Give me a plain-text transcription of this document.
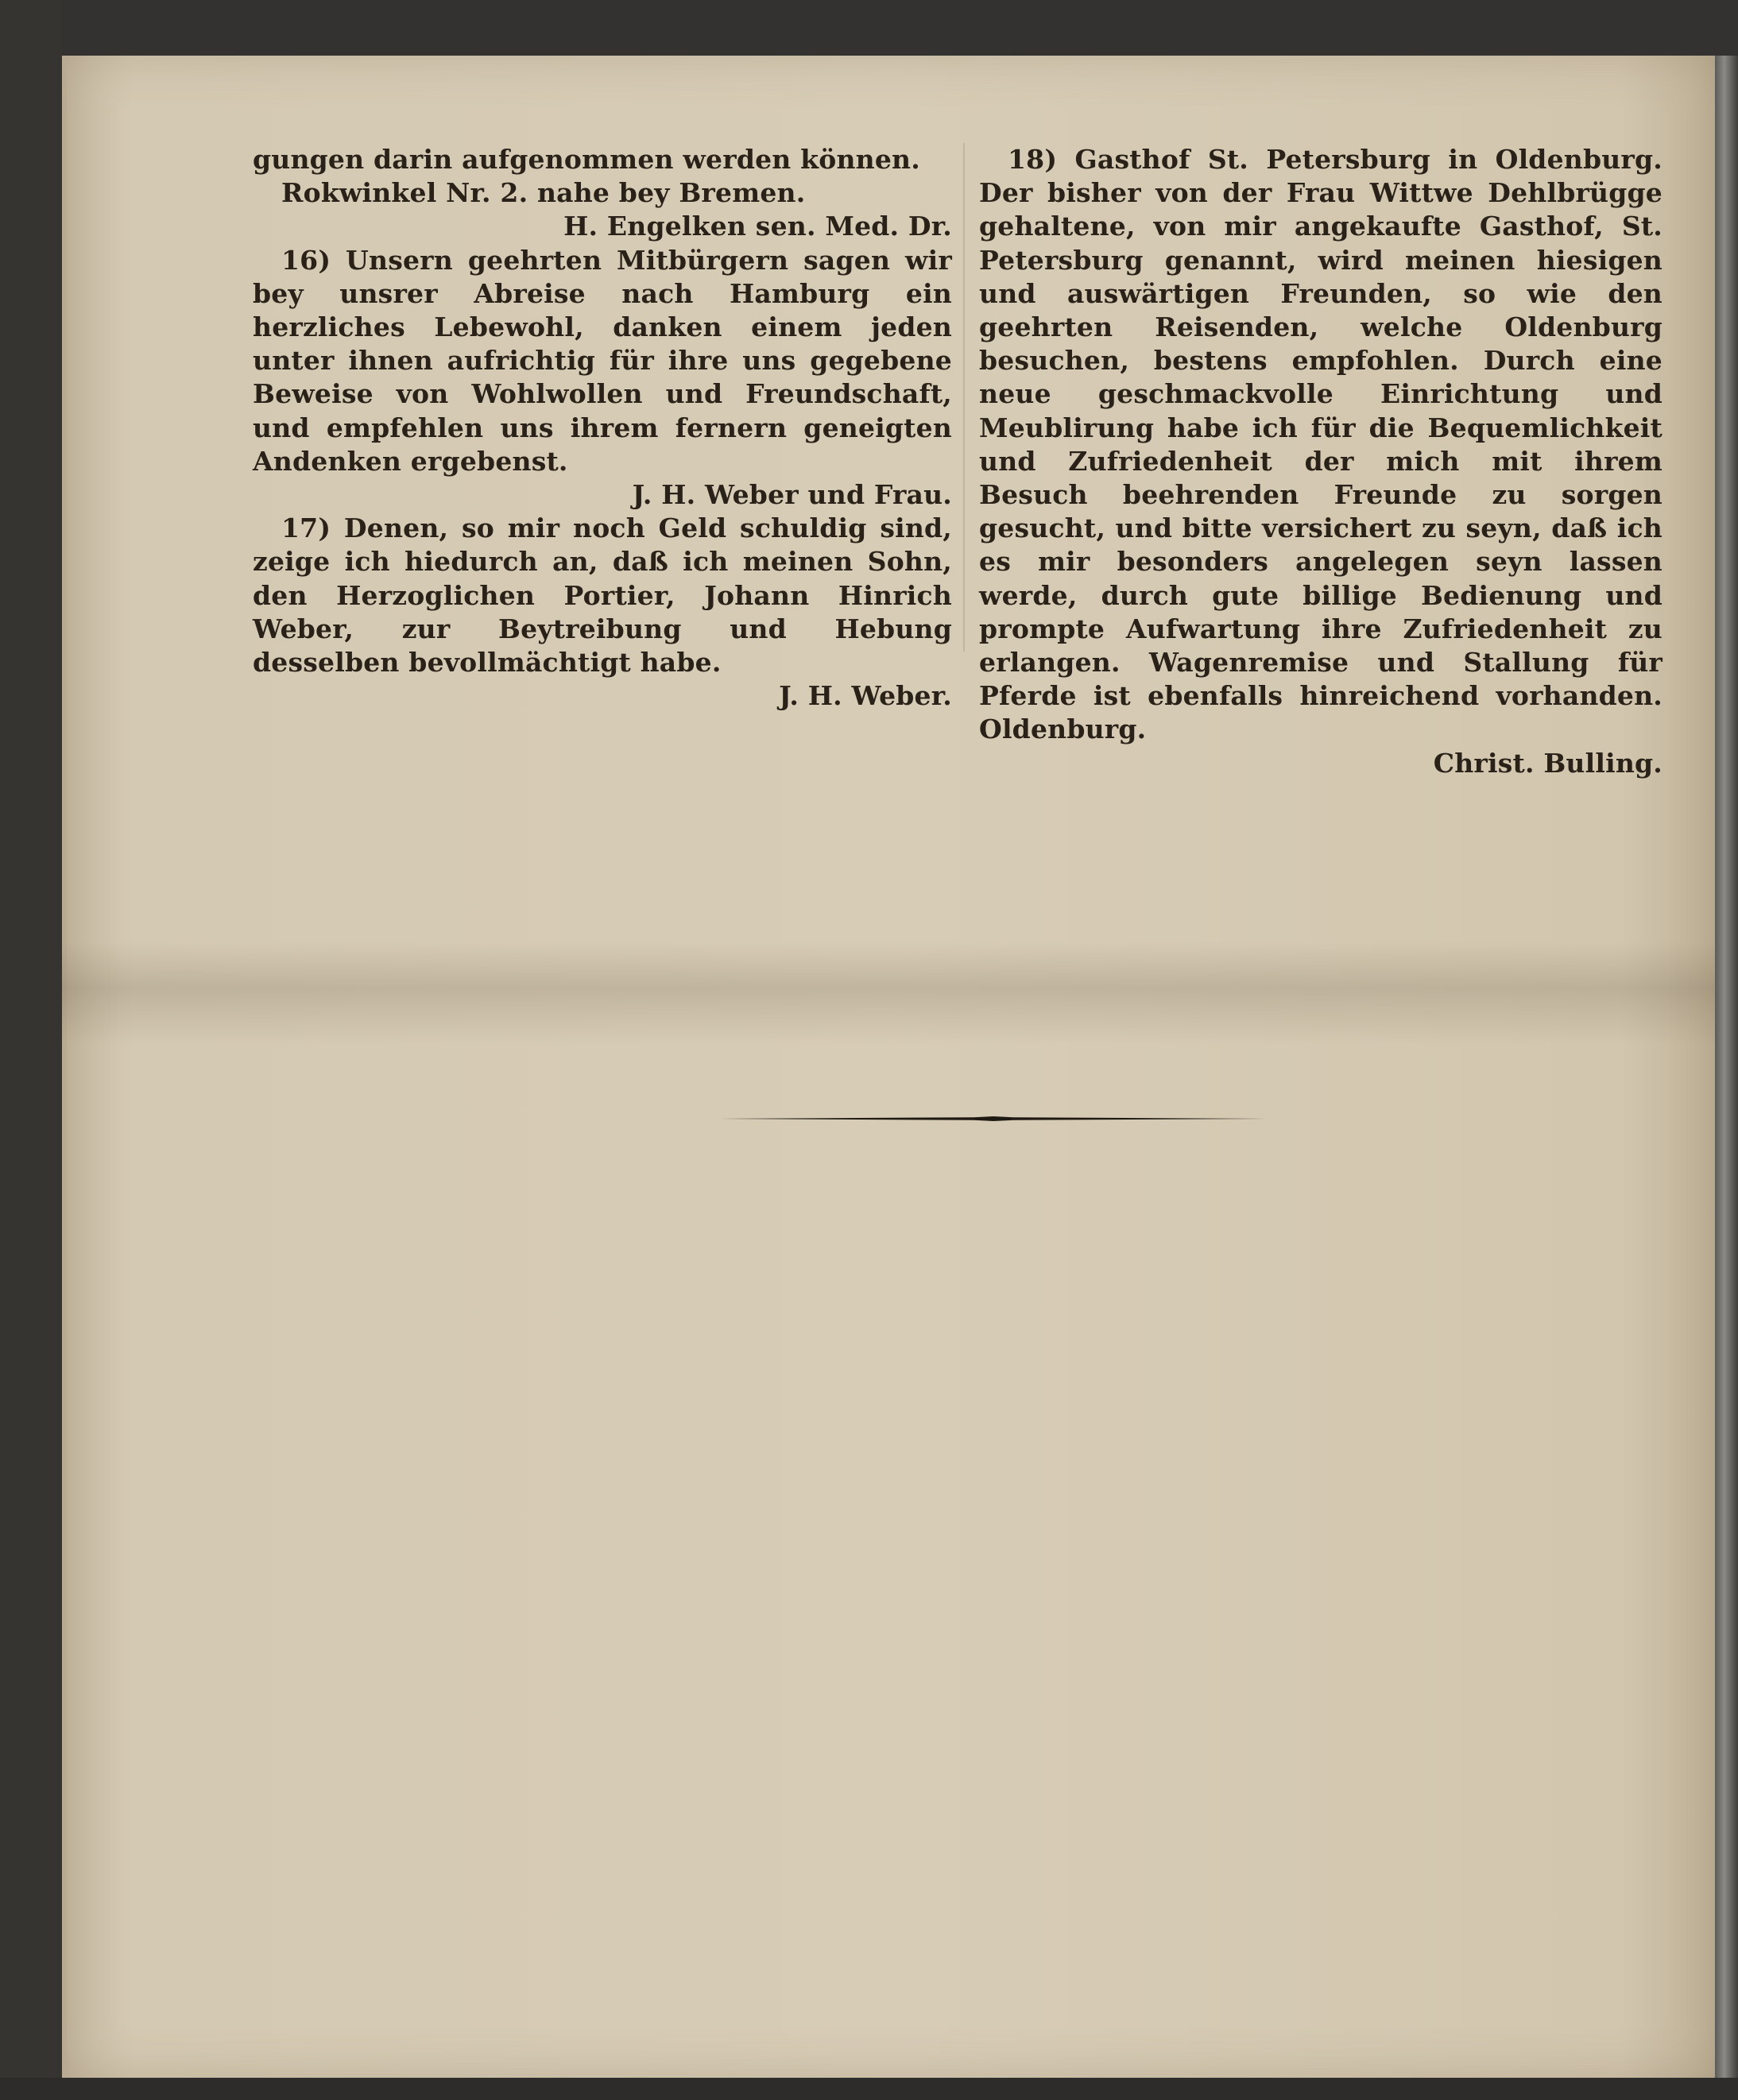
gungen darin aufgenommen werden können.

Rokwinkel Nr. 2. nahe bey Bremen.

H. Engelken sen. Med. Dr.

16) Unsern geehrten Mitbürgern sagen wir bey unsrer Abreise nach Hamburg ein herzliches Lebewohl, danken einem jeden unter ihnen aufrichtig für ihre uns gegebene Beweise von Wohlwollen und Freundschaft, und empfehlen uns ihrem fernern geneigten Andenken ergebenst.

J. H. Weber und Frau.

17) Denen, so mir noch Geld schuldig sind, zeige ich hiedurch an, daß ich meinen Sohn, den Herzoglichen Portier, Johann Hinrich Weber, zur Beytreibung und Hebung desselben bevollmächtigt habe.

J. H. Weber.

18) Gasthof St. Petersburg in Oldenburg. Der bisher von der Frau Wittwe Dehlbrügge gehaltene, von mir angekaufte Gasthof, St. Petersburg genannt, wird meinen hiesigen und auswärtigen Freunden, so wie den geehrten Reisenden, welche Oldenburg besuchen, bestens empfohlen. Durch eine neue geschmackvolle Einrichtung und Meublirung habe ich für die Bequemlichkeit und Zufriedenheit der mich mit ihrem Besuch beehrenden Freunde zu sorgen gesucht, und bitte versichert zu seyn, daß ich es mir besonders angelegen seyn lassen werde, durch gute billige Bedienung und prompte Aufwartung ihre Zufriedenheit zu erlangen. Wagenremise und Stallung für Pferde ist ebenfalls hinreichend vorhanden. Oldenburg.

Christ. Bulling.
